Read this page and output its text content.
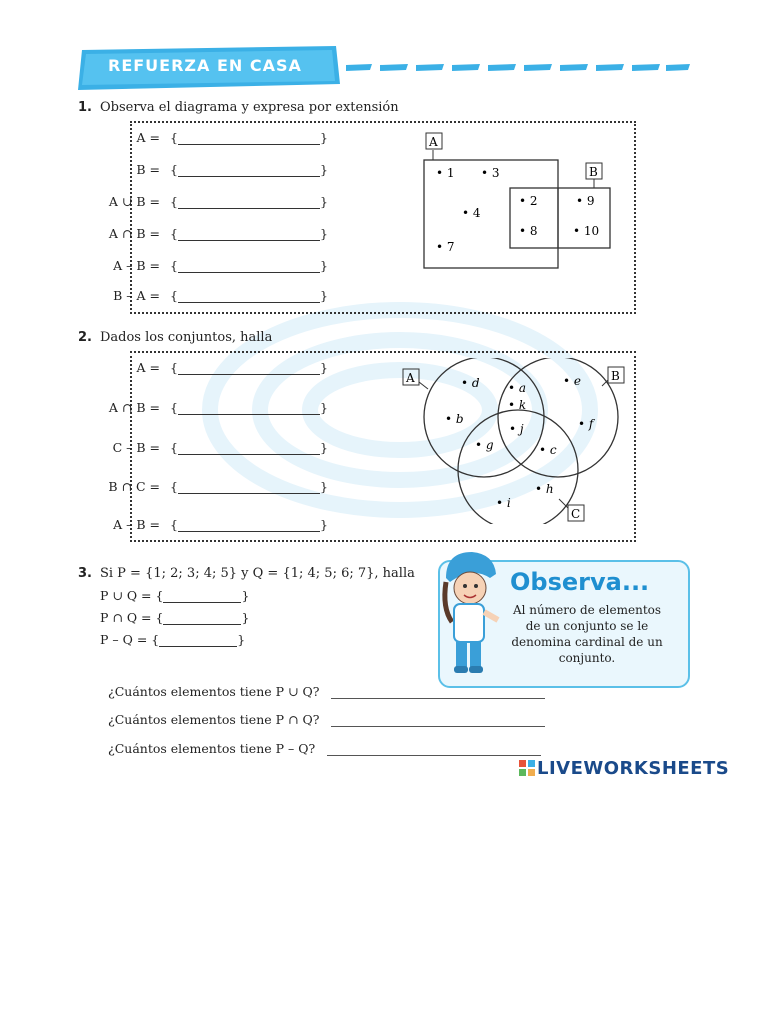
REFUERZA EN CASA
1. Observa el diagrama y expresa por extensión
A = {	}
B = {	}
A ∪ B = {	}
A ∩ B = {	}
A – B = {	}
B – A = {	}
A
B
• 1 • 3
• 4
• 7
• 2
• 8
• 9
• 10
2. Dados los conjuntos, halla
A = {	}
A ∩ B = {	}
C – B = {	}
B ∩ C = {	}
A – B = {	}
A	B
C
• d • a
• k
• e
• b
• j	• f
• g	• c
• h
• i
3. Si P = {1; 2; 3; 4; 5} y Q = {1; 4; 5; 6; 7}, halla
P ∪ Q = {	}
P ∩ Q = {	}
P – Q = {	}
¿Cuántos elementos tiene P ∪ Q?
¿Cuántos elementos tiene P ∩ Q?
¿Cuántos elementos tiene P – Q?
Observa...
Al número de elementos de un conjunto se le denomina cardinal de un conjunto.
LIVEWORKSHEETS
